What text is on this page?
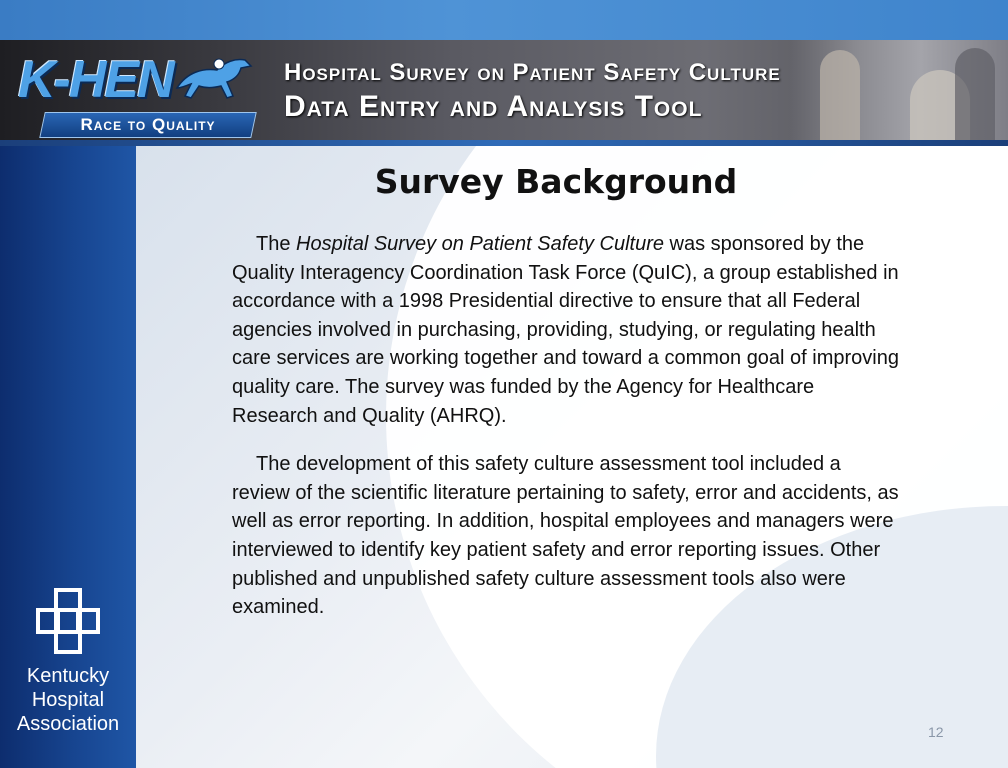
K-HEN
Race to Quality
Hospital Survey on Patient Safety Culture
Data Entry and Analysis Tool
Kentucky
Hospital
Association
Survey Background

The Hospital Survey on Patient Safety Culture was sponsored by the Quality Interagency Coordination Task Force (QuIC), a group established in accordance with a 1998 Presidential directive to ensure that all Federal agencies involved in purchasing, providing, studying, or regulating health care services are working together and toward a common goal of improving quality care. The survey was funded by the Agency for Healthcare Research and Quality (AHRQ).

The development of this safety culture assessment tool included a review of the scientific literature pertaining to safety, error and accidents, as well as error reporting. In addition, hospital employees and managers were interviewed to identify key patient safety and error reporting issues. Other published and unpublished safety culture assessment tools also were examined.

12
